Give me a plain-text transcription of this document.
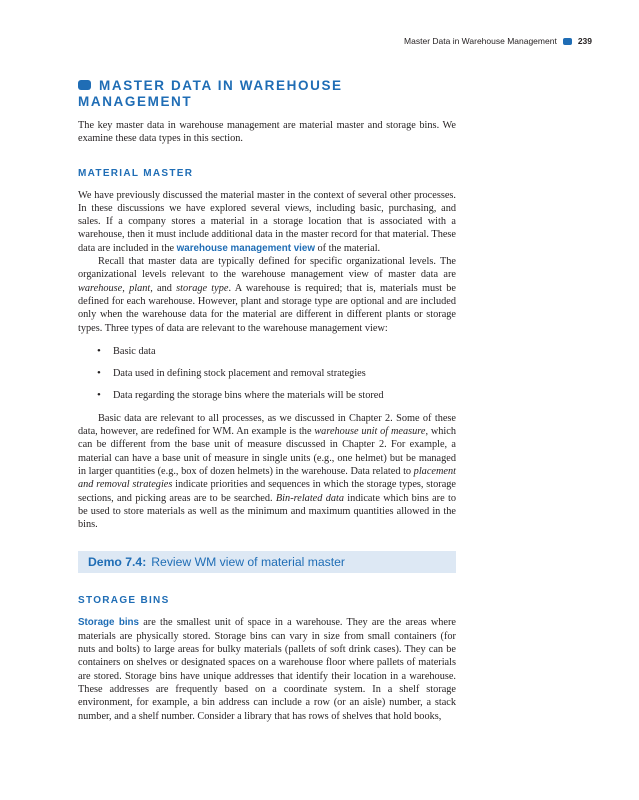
Master Data in Warehouse Management 239
MASTER DATA IN WAREHOUSE
MANAGEMENT

The key master data in warehouse management are material master and storage bins. We examine these data types in this section.

MATERIAL MASTER

We have previously discussed the material master in the context of several other processes. In these discussions we have explored several views, including basic, purchasing, and sales. If a company stores a material in a storage location that is associated with a warehouse, then it must include additional data in the master record for that material. These data are included in the warehouse management view of the material.

Recall that master data are typically defined for specific organizational levels. The organizational levels relevant to the warehouse management view of master data are warehouse, plant, and storage type. A warehouse is required; that is, materials must be defined for each warehouse. However, plant and storage type are optional and are included only when the warehouse data for the material are different in different plants or storage types. Three types of data are relevant to the warehouse management view:

• Basic data
• Data used in defining stock placement and removal strategies
• Data regarding the storage bins where the materials will be stored

Basic data are relevant to all processes, as we discussed in Chapter 2. Some of these data, however, are redefined for WM. An example is the warehouse unit of measure, which can be different from the base unit of measure discussed in Chapter 2. For example, a material can have a base unit of measure in single units (e.g., one helmet) but be managed in larger quantities (e.g., box of dozen helmets) in the warehouse. Data related to placement and removal strategies indicate priorities and sequences in which the storage types, storage sections, and picking areas are to be searched. Bin-related data indicate which bins are to be used to store materials as well as the minimum and maximum quantities allowed in the bins.

Demo 7.4: Review WM view of material master
STORAGE BINS

Storage bins are the smallest unit of space in a warehouse. They are the areas where materials are physically stored. Storage bins can vary in size from small containers (for nuts and bolts) to large areas for bulky materials (pallets of soft drink cases). They can be containers on shelves or designated spaces on a warehouse floor where pallets of materials are stored. Storage bins have unique addresses that identify their location in a warehouse. These addresses are frequently based on a coordinate system. In a shelf storage environment, for example, a bin address can include a row (or an aisle) number, a stack number, and a shelf number. Consider a library that has rows of shelves that hold books,
